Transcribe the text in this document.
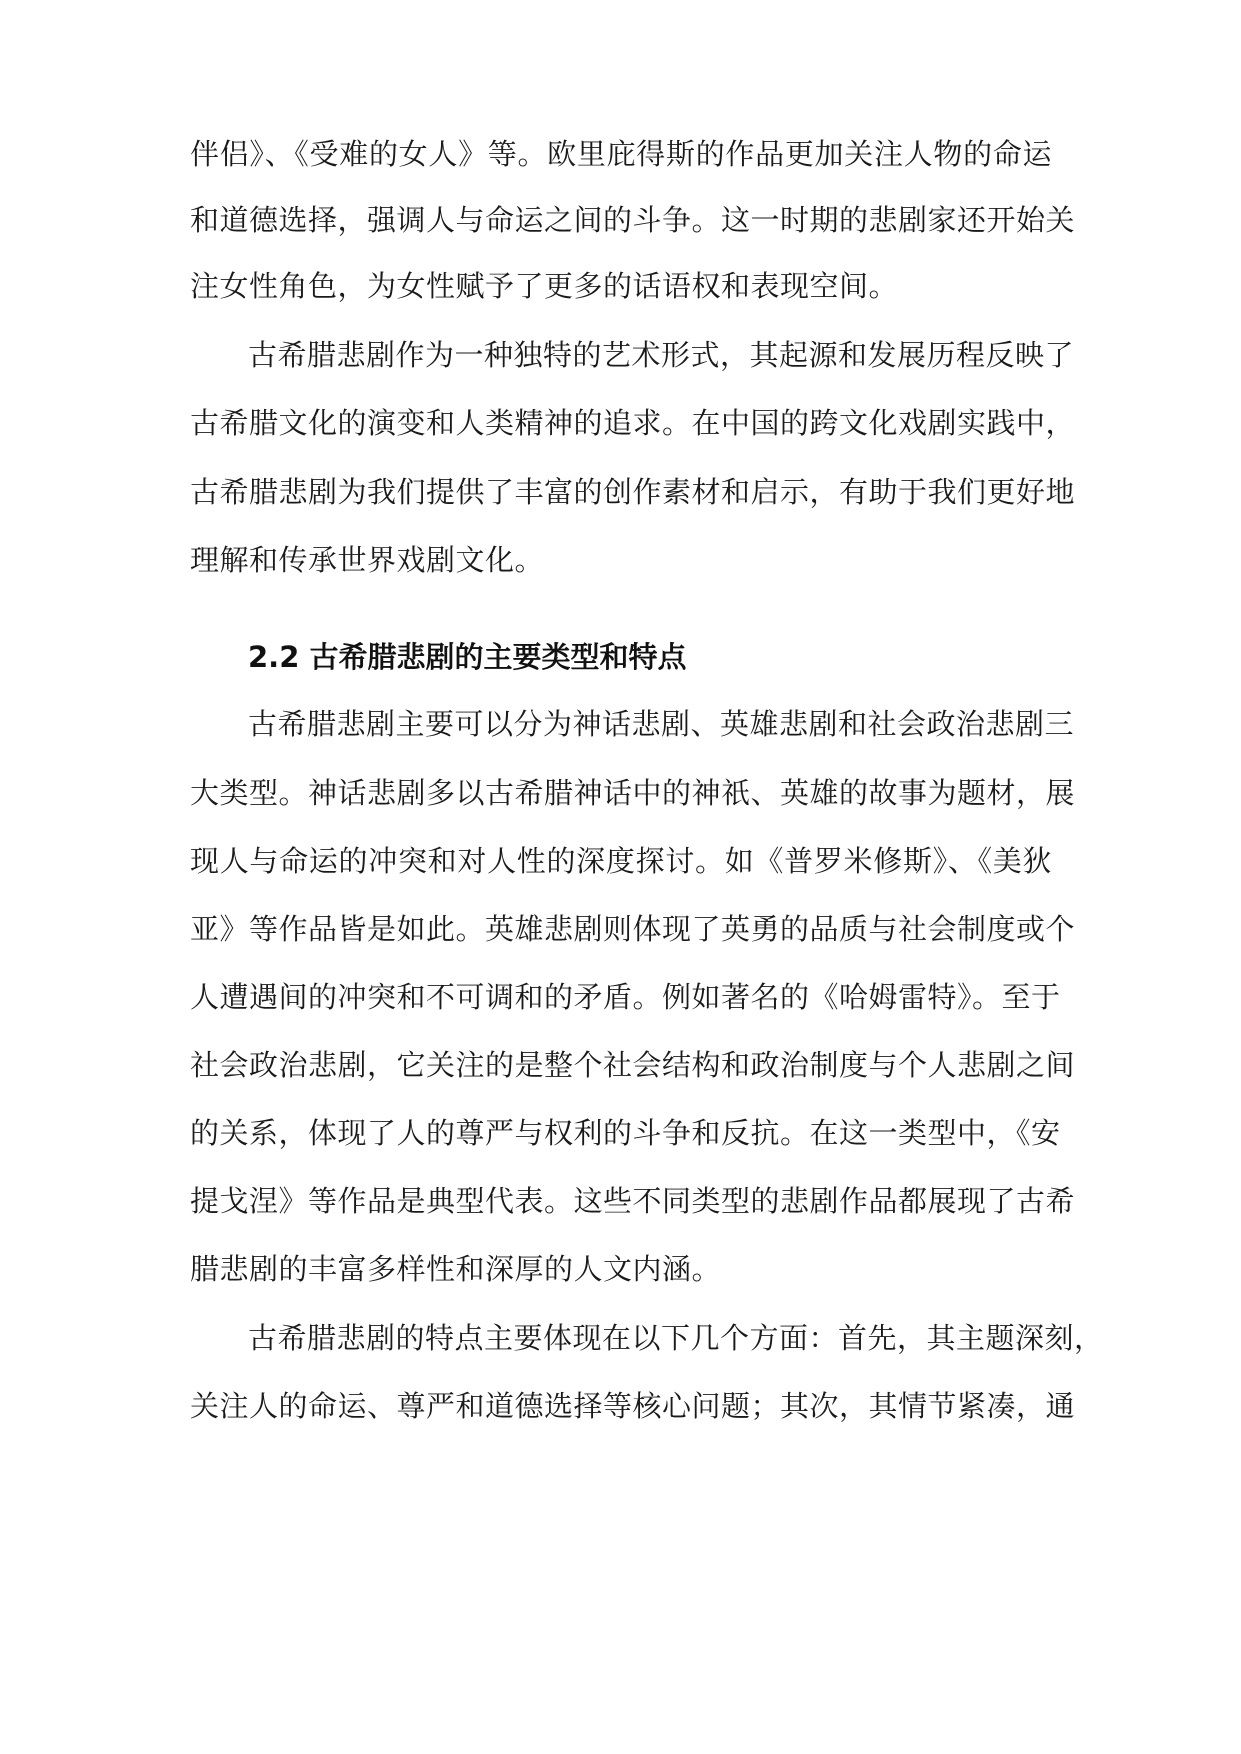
伴侣》、《受难的女人》等。欧里庇得斯的作品更加关注人物的命运
和道德选择，强调人与命运之间的斗争。这一时期的悲剧家还开始关
注女性角色，为女性赋予了更多的话语权和表现空间。
古希腊悲剧作为一种独特的艺术形式，其起源和发展历程反映了
古希腊文化的演变和人类精神的追求。在中国的跨文化戏剧实践中，
古希腊悲剧为我们提供了丰富的创作素材和启示，有助于我们更好地
理解和传承世界戏剧文化。
2.2 古希腊悲剧的主要类型和特点
古希腊悲剧主要可以分为神话悲剧、英雄悲剧和社会政治悲剧三
大类型。神话悲剧多以古希腊神话中的神祇、英雄的故事为题材，展
现人与命运的冲突和对人性的深度探讨。如《普罗米修斯》、《美狄
亚》等作品皆是如此。英雄悲剧则体现了英勇的品质与社会制度或个
人遭遇间的冲突和不可调和的矛盾。例如著名的《哈姆雷特》。至于
社会政治悲剧，它关注的是整个社会结构和政治制度与个人悲剧之间
的关系，体现了人的尊严与权利的斗争和反抗。在这一类型中，《安
提戈涅》等作品是典型代表。这些不同类型的悲剧作品都展现了古希
腊悲剧的丰富多样性和深厚的人文内涵。
古希腊悲剧的特点主要体现在以下几个方面：首先，其主题深刻，
关注人的命运、尊严和道德选择等核心问题；其次，其情节紧凑，通
